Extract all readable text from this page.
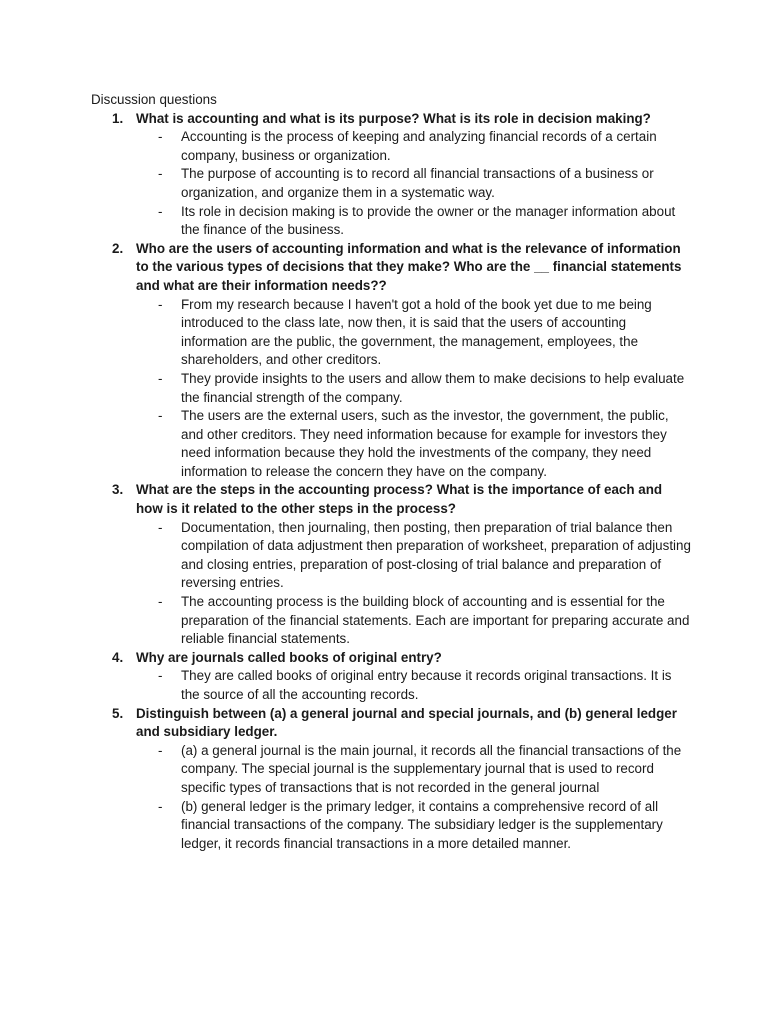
Discussion questions
1. What is accounting and what is its purpose? What is its role in decision making?
- Accounting is the process of keeping and analyzing financial records of a certain company, business or organization.
- The purpose of accounting is to record all financial transactions of a business or organization, and organize them in a systematic way.
- Its role in decision making is to provide the owner or the manager information about the finance of the business.
2. Who are the users of accounting information and what is the relevance of information to the various types of decisions that they make? Who are the __ financial statements and what are their information needs??
- From my research because I haven't got a hold of the book yet due to me being introduced to the class late, now then, it is said that the users of accounting information are the public, the government, the management, employees, the shareholders, and other creditors.
- They provide insights to the users and allow them to make decisions to help evaluate the financial strength of the company.
- The users are the external users, such as the investor, the government, the public, and other creditors. They need information because for example for investors they need information because they hold the investments of the company, they need information to release the concern they have on the company.
3. What are the steps in the accounting process? What is the importance of each and how is it related to the other steps in the process?
- Documentation, then journaling, then posting, then preparation of trial balance then compilation of data adjustment then preparation of worksheet, preparation of adjusting and closing entries, preparation of post-closing of trial balance and preparation of reversing entries.
- The accounting process is the building block of accounting and is essential for the preparation of the financial statements. Each are important for preparing accurate and reliable financial statements.
4. Why are journals called books of original entry?
- They are called books of original entry because it records original transactions. It is the source of all the accounting records.
5. Distinguish between (a) a general journal and special journals, and (b) general ledger and subsidiary ledger.
- (a) a general journal is the main journal, it records all the financial transactions of the company. The special journal is the supplementary journal that is used to record specific types of transactions that is not recorded in the general journal
- (b) general ledger is the primary ledger, it contains a comprehensive record of all financial transactions of the company. The subsidiary ledger is the supplementary ledger, it records financial transactions in a more detailed manner.
